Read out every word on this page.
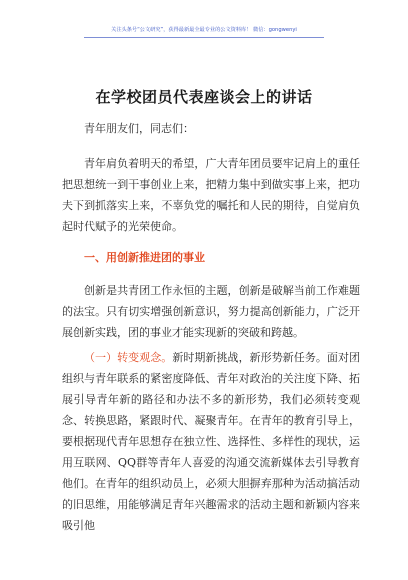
关注头条号“公文研究”，获得最新最全最专业的公文资料库！ 微信：gongwenyi
在学校团员代表座谈会上的讲话

青年朋友们，同志们：

青年肩负着明天的希望，广大青年团员要牢记肩上的重任把思想统一到干事创业上来，把精力集中到做实事上来，把功夫下到抓落实上来，不辜负党的嘱托和人民的期待，自觉肩负起时代赋予的光荣使命。

一、用创新推进团的事业

创新是共青团工作永恒的主题，创新是破解当前工作难题的法宝。只有切实增强创新意识，努力提高创新能力，广泛开展创新实践，团的事业才能实现新的突破和跨越。

（一）转变观念。新时期新挑战，新形势新任务。面对团组织与青年联系的紧密度降低、青年对政治的关注度下降、拓展引导青年新的路径和办法不多的新形势，我们必须转变观念、转换思路，紧跟时代、凝聚青年。在青年的教育引导上，要根据现代青年思想存在独立性、选择性、多样性的现状，运用互联网、QQ群等青年人喜爱的沟通交流新媒体去引导教育他们。在青年的组织动员上，必须大胆摒弃那种为活动搞活动的旧思维，用能够满足青年兴趣需求的活动主题和新颖内容来吸引他
